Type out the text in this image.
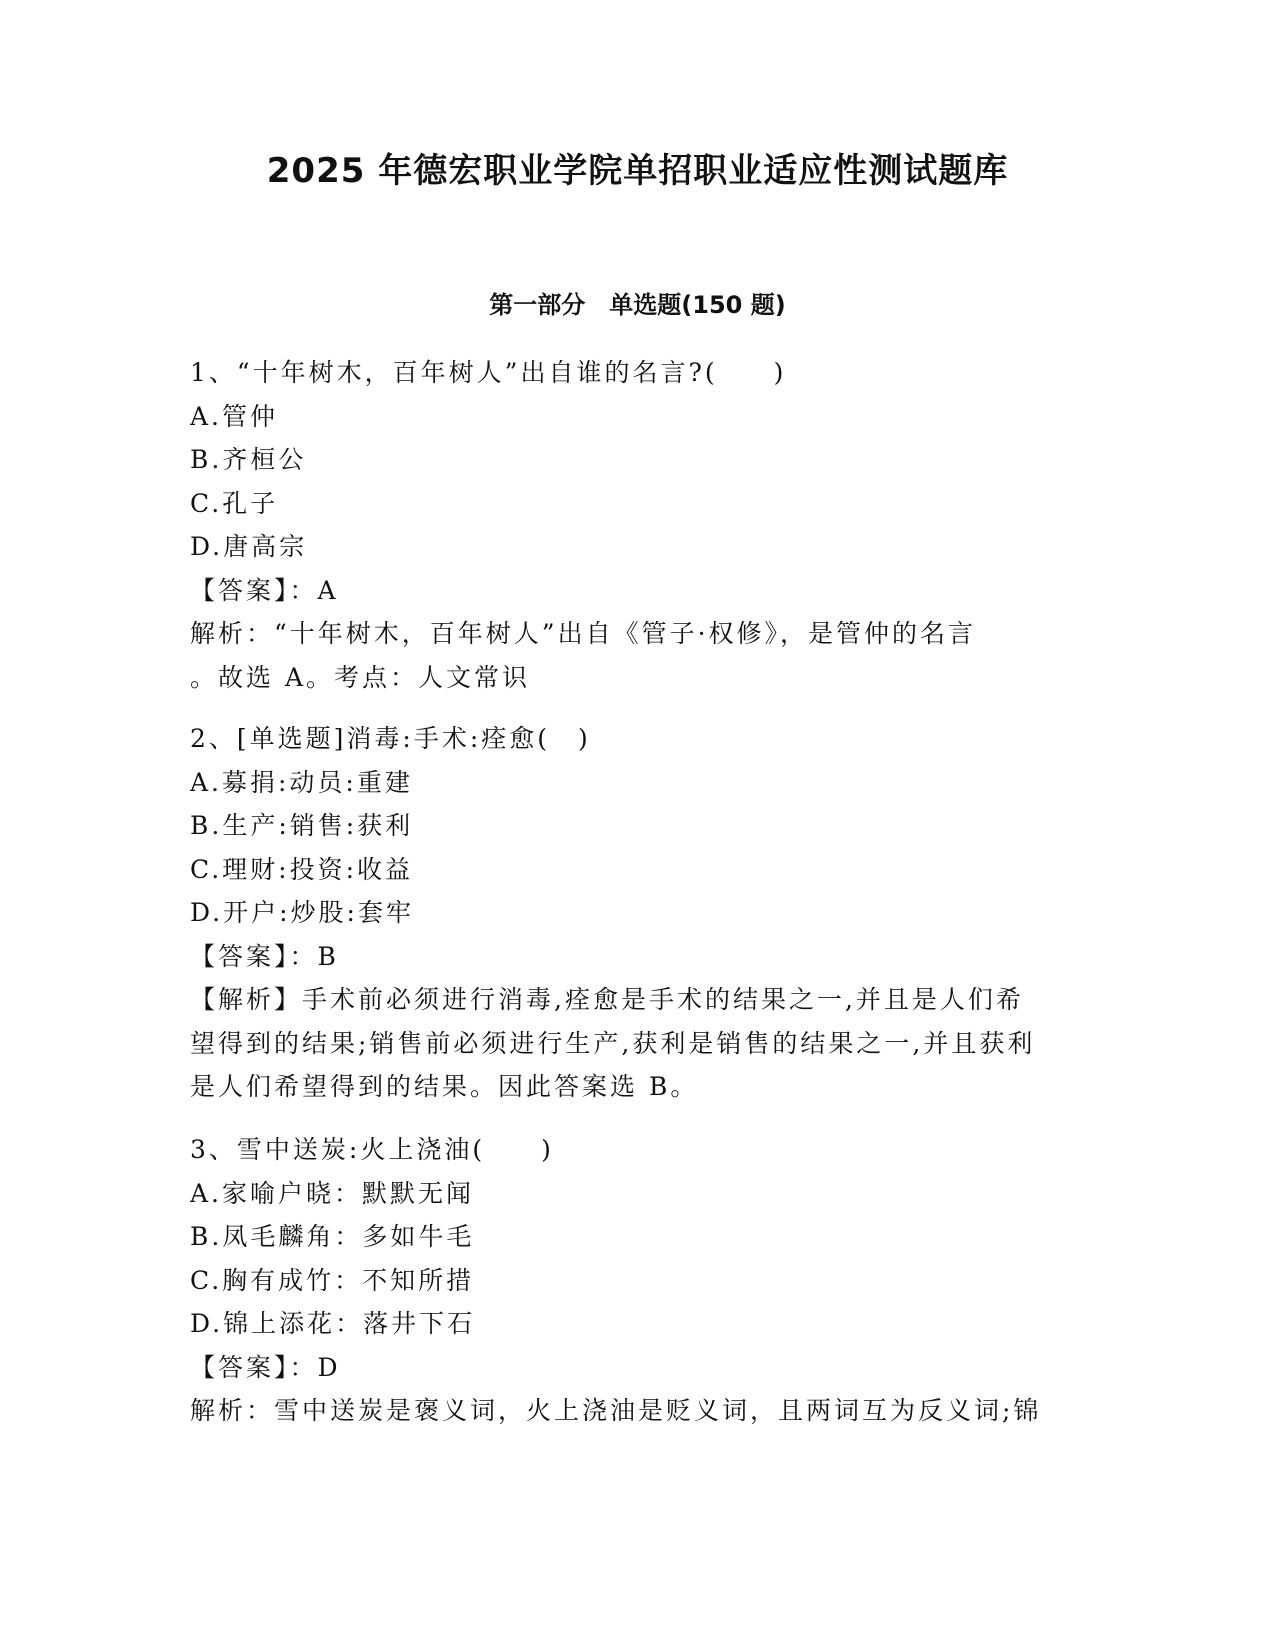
2025 年德宏职业学院单招职业适应性测试题库
第一部分　单选题(150 题)
1、“十年树木，百年树人”出自谁的名言?(　　)
A.管仲
B.齐桓公
C.孔子
D.唐高宗
【答案】：A
解析：“十年树木，百年树人”出自《管子·权修》，是管仲的名言
。故选 A。考点：人文常识
2、[单选题]消毒:手术:痊愈(　)
A.募捐:动员:重建
B.生产:销售:获利
C.理财:投资:收益
D.开户:炒股:套牢
【答案】：B
【解析】手术前必须进行消毒,痊愈是手术的结果之一,并且是人们希
望得到的结果;销售前必须进行生产,获利是销售的结果之一,并且获利
是人们希望得到的结果。因此答案选 B。
3、雪中送炭:火上浇油(　　)
A.家喻户晓：默默无闻
B.凤毛麟角：多如牛毛
C.胸有成竹：不知所措
D.锦上添花：落井下石
【答案】：D
解析：雪中送炭是褒义词，火上浇油是贬义词，且两词互为反义词;锦
